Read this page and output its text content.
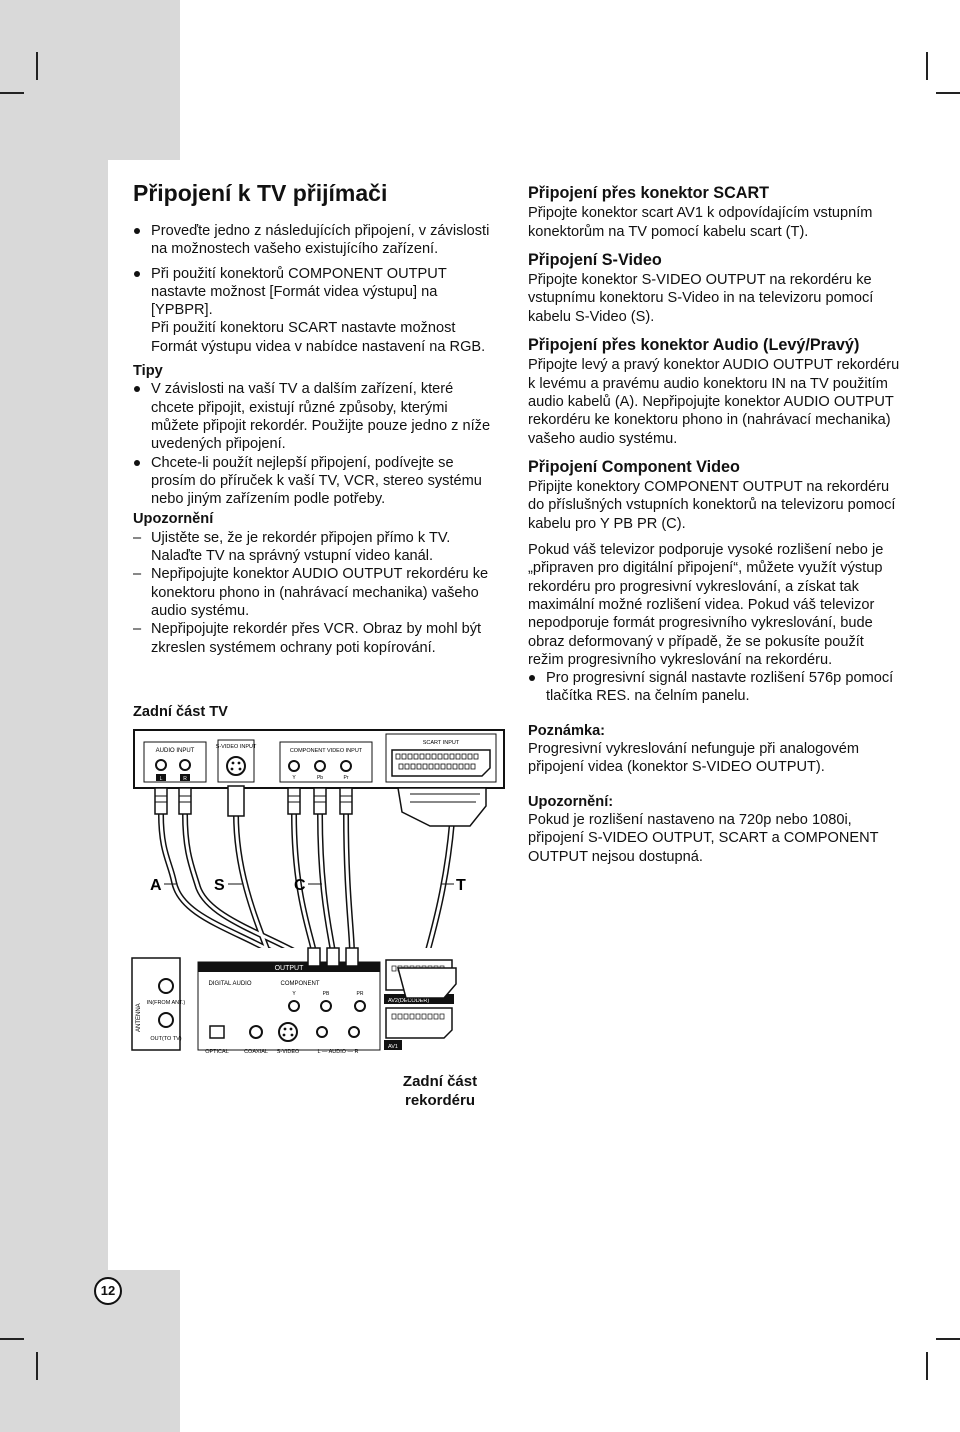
Připojení k TV přijímači
Proveďte jedno z následujících připojení, v závislosti na možnostech vašeho existujícího zařízení.
Při použití konektorů COMPONENT OUTPUT nastavte možnost [Formát videa výstupu] na [YPBPR].
Při použití konektoru SCART nastavte možnost Formát výstupu videa v nabídce nastavení na RGB.
Tipy
V závislosti na vaší TV a dalším zařízení, které chcete připojit, existují různé způsoby, kterými můžete připojit rekordér. Použijte pouze jedno z níže uvedených připojení.
Chcete-li použít nejlepší připojení, podívejte se prosím do příruček k vaší TV, VCR, stereo systému nebo jiným zařízením podle potřeby.
Upozornění
– Ujistěte se, že je rekordér připojen přímo k TV. Nalaďte TV na správný vstupní video kanál.
– Nepřipojujte konektor AUDIO OUTPUT rekordéru ke konektoru phono in (nahrávací mechanika) vašeho audio systému.
– Nepřipojujte rekordér přes VCR. Obraz by mohl být zkreslen systémem ochrany poti kopírování.
Připojení přes konektor SCART
Připojte konektor scart AV1 k odpovídajícím vstupním konektorům na TV pomocí kabelu scart (T).
Připojení S-Video
Připojte konektor S-VIDEO OUTPUT na rekordéru ke vstupnímu konektoru S-Video in na televizoru pomocí kabelu S-Video (S).
Připojení přes konektor Audio (Levý/Pravý)
Připojte levý a pravý konektor AUDIO OUTPUT rekordéru k levému a pravému audio konektoru IN na TV použitím audio kabelů (A). Nepřipojujte konektor AUDIO OUTPUT rekordéru ke konektoru phono in (nahrávací mechanika) vašeho audio systému.
Připojení Component Video
Připijte konektory COMPONENT OUTPUT na rekordéru do příslušných vstupních konektorů na televizoru pomocí kabelu pro Y PB PR (C).
Pokud váš televizor podporuje vysoké rozlišení nebo je „připraven pro digitální připojení“, můžete využít výstup rekordéru pro progresivní vykreslování, a získat tak maximální možné rozlišení videa. Pokud váš televizor nepodporuje formát progresivního vykreslování, bude obraz deformovaný v případě, že se pokusíte použít režim progresivního vykreslování na rekordéru.
Pro progresivní signál nastavte rozlišení 576p pomocí tlačítka RES. na čelním panelu.
Poznámka:
Progresivní vykreslování nefunguje při analogovém připojení videa (konektor S-VIDEO OUTPUT).
Upozornění:
Pokud je rozlišení nastaveno na 720p nebo 1080i, připojení S-VIDEO OUTPUT, SCART a COMPONENT OUTPUT nejsou dostupná.
Zadní část TV
AUDIO INPUT
L	R
S-VIDEO INPUT
COMPONENT VIDEO INPUT
Y	Pb	Pr
SCART INPUT
A	S	C	T
ANTENNA
IN(FROM ANT.)
OUT(TO TV)
OUTPUT
DIGITAL AUDIO	COMPONENT
Y	PB	PR
OPTICAL	COAXIAL S-VIDEO	L — AUDIO — R
AV2(DECODER)
AV1
Zadní část rekordéru
12
